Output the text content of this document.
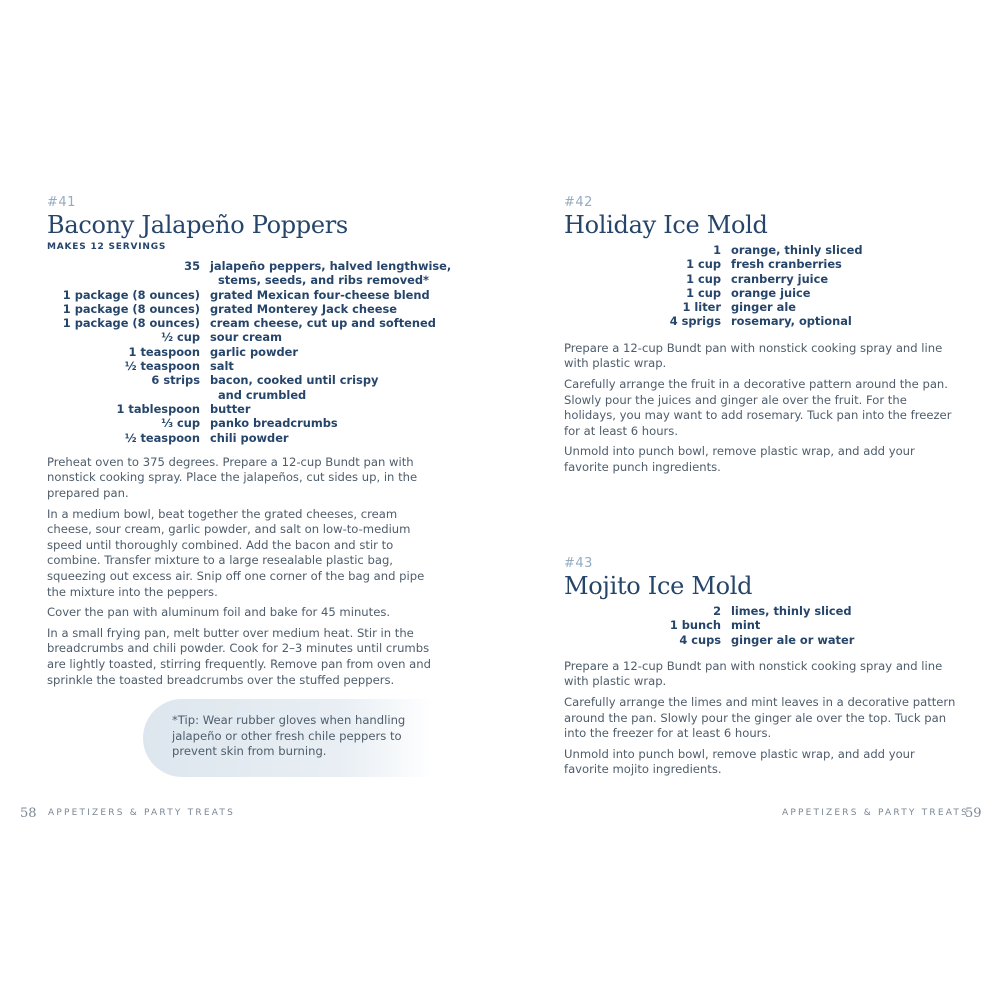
#41
Bacony Jalapeño Poppers
MAKES 12 SERVINGS
35 jalapeño peppers, halved lengthwise,
stems, seeds, and ribs removed*
1 package (8 ounces) grated Mexican four-cheese blend
1 package (8 ounces) grated Monterey Jack cheese
1 package (8 ounces) cream cheese, cut up and softened
½ cup sour cream
1 teaspoon garlic powder
½ teaspoon salt
6 strips bacon, cooked until crispy
and crumbled
1 tablespoon butter
⅓ cup panko breadcrumbs
½ teaspoon chili powder

Preheat oven to 375 degrees. Prepare a 12-cup Bundt pan with nonstick cooking spray. Place the jalapeños, cut sides up, in the prepared pan.

In a medium bowl, beat together the grated cheeses, cream cheese, sour cream, garlic powder, and salt on low-to-medium speed until thoroughly combined. Add the bacon and stir to combine. Transfer mixture to a large resealable plastic bag, squeezing out excess air. Snip off one corner of the bag and pipe the mixture into the peppers.

Cover the pan with aluminum foil and bake for 45 minutes.

In a small frying pan, melt butter over medium heat. Stir in the breadcrumbs and chili powder. Cook for 2–3 minutes until crumbs are lightly toasted, stirring frequently. Remove pan from oven and sprinkle the toasted breadcrumbs over the stuffed peppers.

*Tip: Wear rubber gloves when handling jalapeño or other fresh chile peppers to prevent skin from burning.
58 APPETIZERS & PARTY TREATS
#42
Holiday Ice Mold
1 orange, thinly sliced
1 cup fresh cranberries
1 cup cranberry juice
1 cup orange juice
1 liter ginger ale
4 sprigs rosemary, optional

Prepare a 12-cup Bundt pan with nonstick cooking spray and line with plastic wrap.

Carefully arrange the fruit in a decorative pattern around the pan. Slowly pour the juices and ginger ale over the fruit. For the holidays, you may want to add rosemary. Tuck pan into the freezer for at least 6 hours.

Unmold into punch bowl, remove plastic wrap, and add your favorite punch ingredients.

#43
Mojito Ice Mold
2 limes, thinly sliced
1 bunch mint
4 cups ginger ale or water

Prepare a 12-cup Bundt pan with nonstick cooking spray and line with plastic wrap.

Carefully arrange the limes and mint leaves in a decorative pattern around the pan. Slowly pour the ginger ale over the top. Tuck pan into the freezer for at least 6 hours.

Unmold into punch bowl, remove plastic wrap, and add your favorite mojito ingredients.

APPETIZERS & PARTY TREATS
59
